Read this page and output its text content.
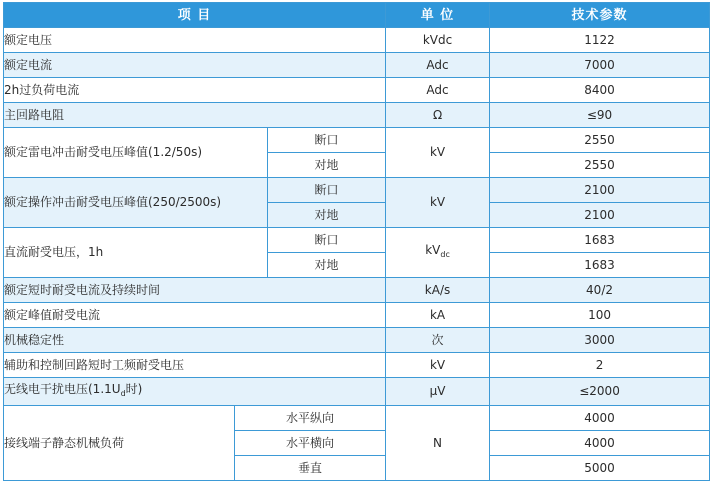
项 目			单 位	技术参数
额定电压			kVdc	1122
额定电流			Adc	7000
2h过负荷电流			Adc	8400
主回路电阻			Ω	≤90
额定雷电冲击耐受电压峰值(1.2/50s)		断口	kV	2550
		对地		2550
额定操作冲击耐受电压峰值(250/2500s)		断口	kV	2100
		对地		2100
直流耐受电压，1h		断口	$kV_{dc}$	1683
		对地		1683
额定短时耐受电流及持续时间			kA/s	40/2
额定峰值耐受电流			kA	100
机械稳定性			次	3000
辅助和控制回路短时工频耐受电压			kV	2
无线电干扰电压($1.1U_d$时)			μV	≤2000
接线端子静态机械负荷	水平纵向		N	4000
	水平横向			4000
	垂直			5000
